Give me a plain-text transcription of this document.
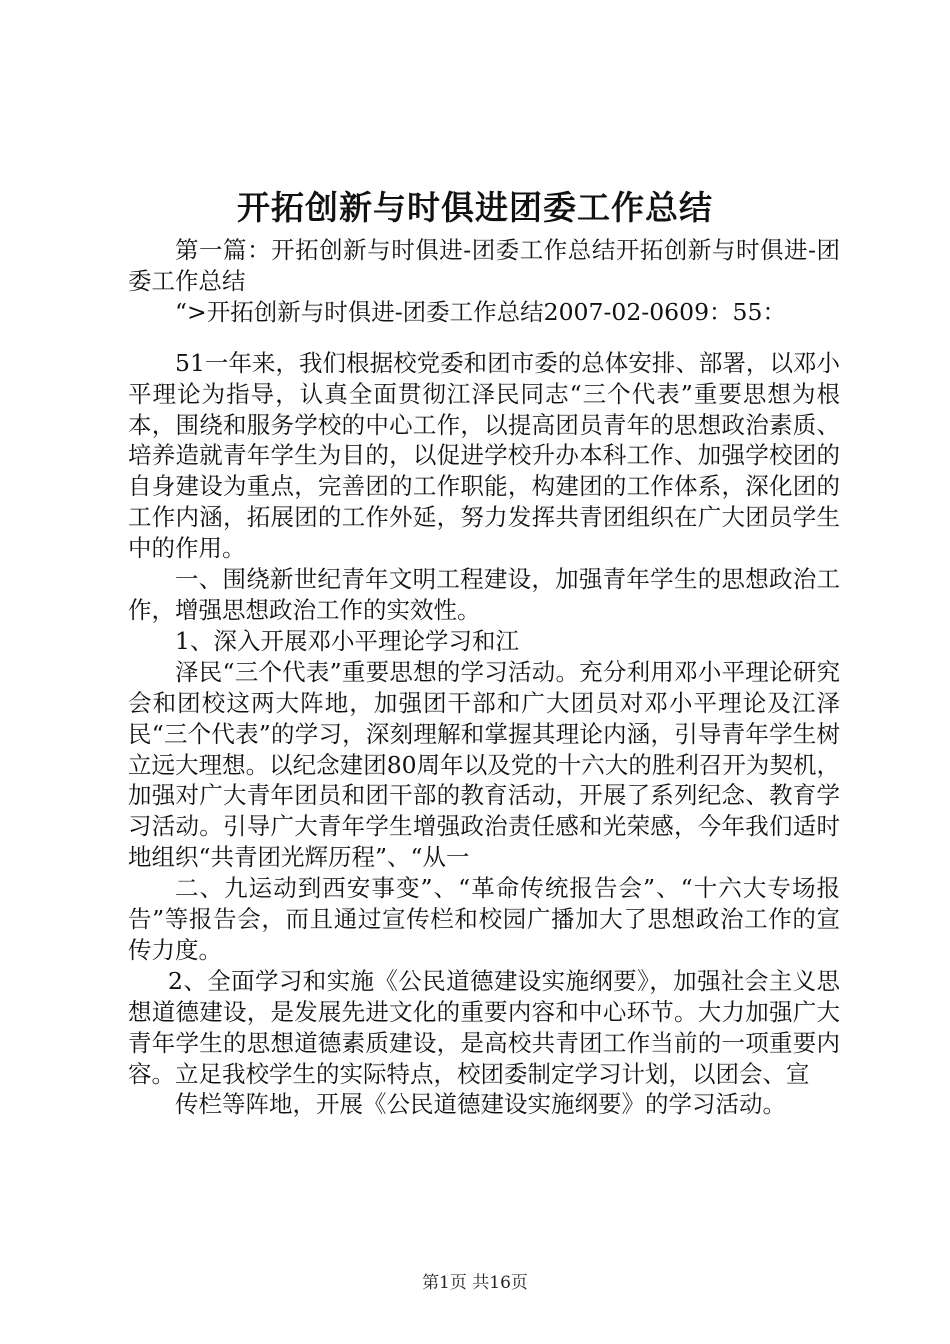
开拓创新与时俱进团委工作总结

第一篇：开拓创新与时俱进-团委工作总结开拓创新与时俱进-团委工作总结

“>开拓创新与时俱进-团委工作总结2007-02-0609：55：

51一年来，我们根据校党委和团市委的总体安排、部署，以邓小平理论为指导，认真全面贯彻江泽民同志“三个代表”重要思想为根本，围绕和服务学校的中心工作，以提高团员青年的思想政治素质、培养造就青年学生为目的，以促进学校升办本科工作、加强学校团的自身建设为重点，完善团的工作职能，构建团的工作体系，深化团的工作内涵，拓展团的工作外延，努力发挥共青团组织在广大团员学生中的作用。

一、围绕新世纪青年文明工程建设，加强青年学生的思想政治工作，增强思想政治工作的实效性。

1、深入开展邓小平理论学习和江

泽民“三个代表”重要思想的学习活动。充分利用邓小平理论研究会和团校这两大阵地，加强团干部和广大团员对邓小平理论及江泽民“三个代表”的学习，深刻理解和掌握其理论内涵，引导青年学生树立远大理想。以纪念建团80周年以及党的十六大的胜利召开为契机，加强对广大青年团员和团干部的教育活动，开展了系列纪念、教育学习活动。引导广大青年学生增强政治责任感和光荣感，今年我们适时地组织“共青团光辉历程”、“从一

二、九运动到西安事变”、“革命传统报告会”、“十六大专场报告”等报告会，而且通过宣传栏和校园广播加大了思想政治工作的宣传力度。

2、全面学习和实施《公民道德建设实施纲要》，加强社会主义思想道德建设，是发展先进文化的重要内容和中心环节。大力加强广大青年学生的思想道德素质建设，是高校共青团工作当前的一项重要内容。立足我校学生的实际特点，校团委制定学习计划，以团会、宣

传栏等阵地，开展《公民道德建设实施纲要》的学习活动。

第1页 共16页
